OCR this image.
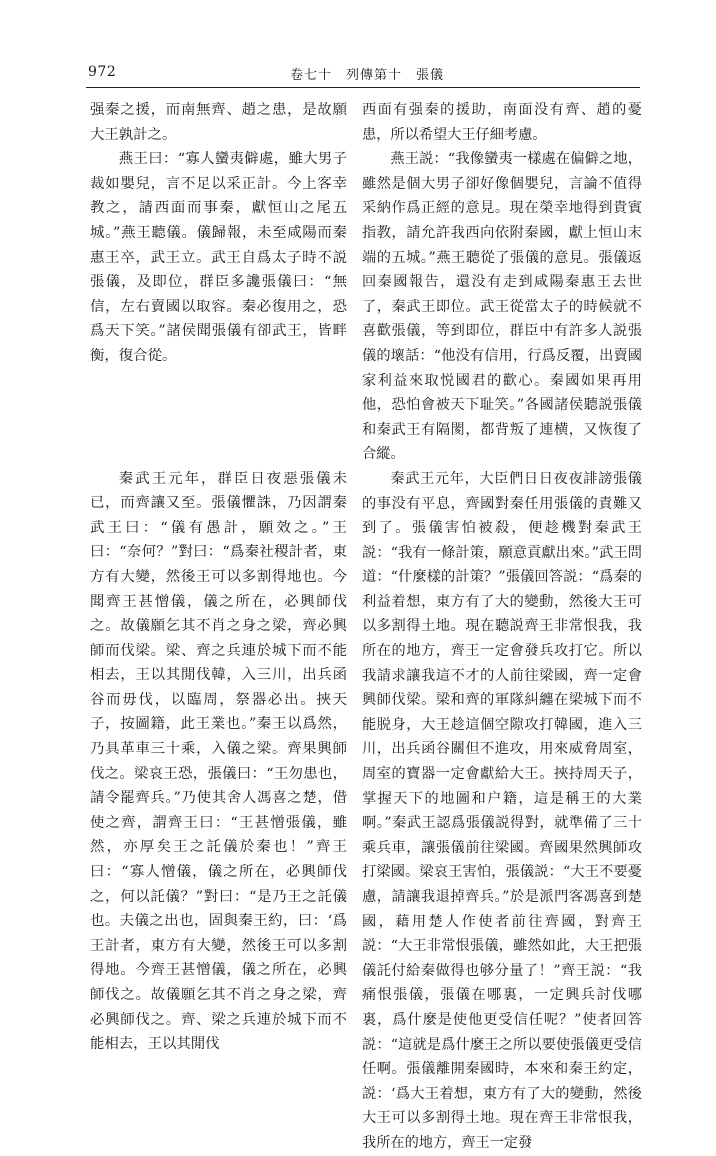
972	卷七十　列傳第十　張儀

强秦之援，而南無齊、趙之患，是故願大王孰計之。

燕王曰：“寡人蠻夷僻處，雖大男子裁如嬰兒，言不足以采正計。今上客幸教之，請西面而事秦，獻恒山之尾五城。”燕王聽儀。儀歸報，未至咸陽而秦惠王卒，武王立。武王自爲太子時不説張儀，及即位，群臣多讒張儀曰：“無信，左右賣國以取容。秦必復用之，恐爲天下笑。”諸侯聞張儀有卻武王，皆畔衡，復合從。

秦武王元年，群臣日夜惡張儀未已，而齊讓又至。張儀懼誅，乃因謂秦武王曰：“儀有愚計，願效之。”王曰：“奈何？”對曰：“爲秦社稷計者，東方有大變，然後王可以多割得地也。今聞齊王甚憎儀，儀之所在，必興師伐之。故儀願乞其不肖之身之梁，齊必興師而伐梁。梁、齊之兵連於城下而不能相去，王以其閒伐韓，入三川，出兵函谷而毋伐，以臨周，祭器必出。挾天子，按圖籍，此王業也。”秦王以爲然，乃具革車三十乘，入儀之梁。齊果興師伐之。梁哀王恐，張儀曰：“王勿患也，請令罷齊兵。”乃使其舍人馮喜之楚，借使之齊，謂齊王曰：“王甚憎張儀，雖然，亦厚矣王之託儀於秦也！”齊王曰：“寡人憎儀，儀之所在，必興師伐之，何以託儀？”對曰：“是乃王之託儀也。夫儀之出也，固與秦王約，曰：‘爲王計者，東方有大變，然後王可以多割得地。今齊王甚憎儀，儀之所在，必興師伐之。故儀願乞其不肖之身之梁，齊必興師伐之。齊、梁之兵連於城下而不能相去，王以其閒伐

西面有强秦的援助，南面没有齊、趙的憂患，所以希望大王仔細考慮。

燕王説：“我像蠻夷一樣處在偏僻之地，雖然是個大男子卻好像個嬰兒，言論不值得采納作爲正經的意見。現在榮幸地得到貴賓指教，請允許我西向依附秦國，獻上恒山末端的五城。”燕王聽從了張儀的意見。張儀返回秦國報告，還没有走到咸陽秦惠王去世了，秦武王即位。武王從當太子的時候就不喜歡張儀，等到即位，群臣中有許多人説張儀的壞話：“他没有信用，行爲反覆，出賣國家利益來取悦國君的歡心。秦國如果再用他，恐怕會被天下耻笑。”各國諸侯聽説張儀和秦武王有隔閡，都背叛了連横，又恢復了合縱。

秦武王元年，大臣們日日夜夜誹謗張儀的事没有平息，齊國對秦任用張儀的責難又到了。張儀害怕被殺，便趁機對秦武王説：“我有一條計策，願意貢獻出來。”武王問道：“什麼樣的計策？”張儀回答説：“爲秦的利益着想，東方有了大的變動，然後大王可以多割得土地。現在聽説齊王非常恨我，我所在的地方，齊王一定會發兵攻打它。所以我請求讓我這不才的人前往梁國，齊一定會興師伐梁。梁和齊的軍隊糾纏在梁城下而不能脱身，大王趁這個空隙攻打韓國，進入三川，出兵函谷關但不進攻，用來威脅周室，周室的寶器一定會獻給大王。挾持周天子，掌握天下的地圖和户籍，這是稱王的大業啊。”秦武王認爲張儀説得對，就準備了三十乘兵車，讓張儀前往梁國。齊國果然興師攻打梁國。梁哀王害怕，張儀説：“大王不要憂慮，請讓我退掉齊兵。”於是派門客馮喜到楚國，藉用楚人作使者前往齊國，對齊王説：“大王非常恨張儀，雖然如此，大王把張儀託付給秦做得也够分量了！”齊王説：“我痛恨張儀，張儀在哪裏，一定興兵討伐哪裏，爲什麼是使他更受信任呢？”使者回答説：“這就是爲什麼王之所以要使張儀更受信任啊。張儀離開秦國時，本來和秦王約定，説：‘爲大王着想，東方有了大的變動，然後大王可以多割得土地。現在齊王非常恨我，我所在的地方，齊王一定發
